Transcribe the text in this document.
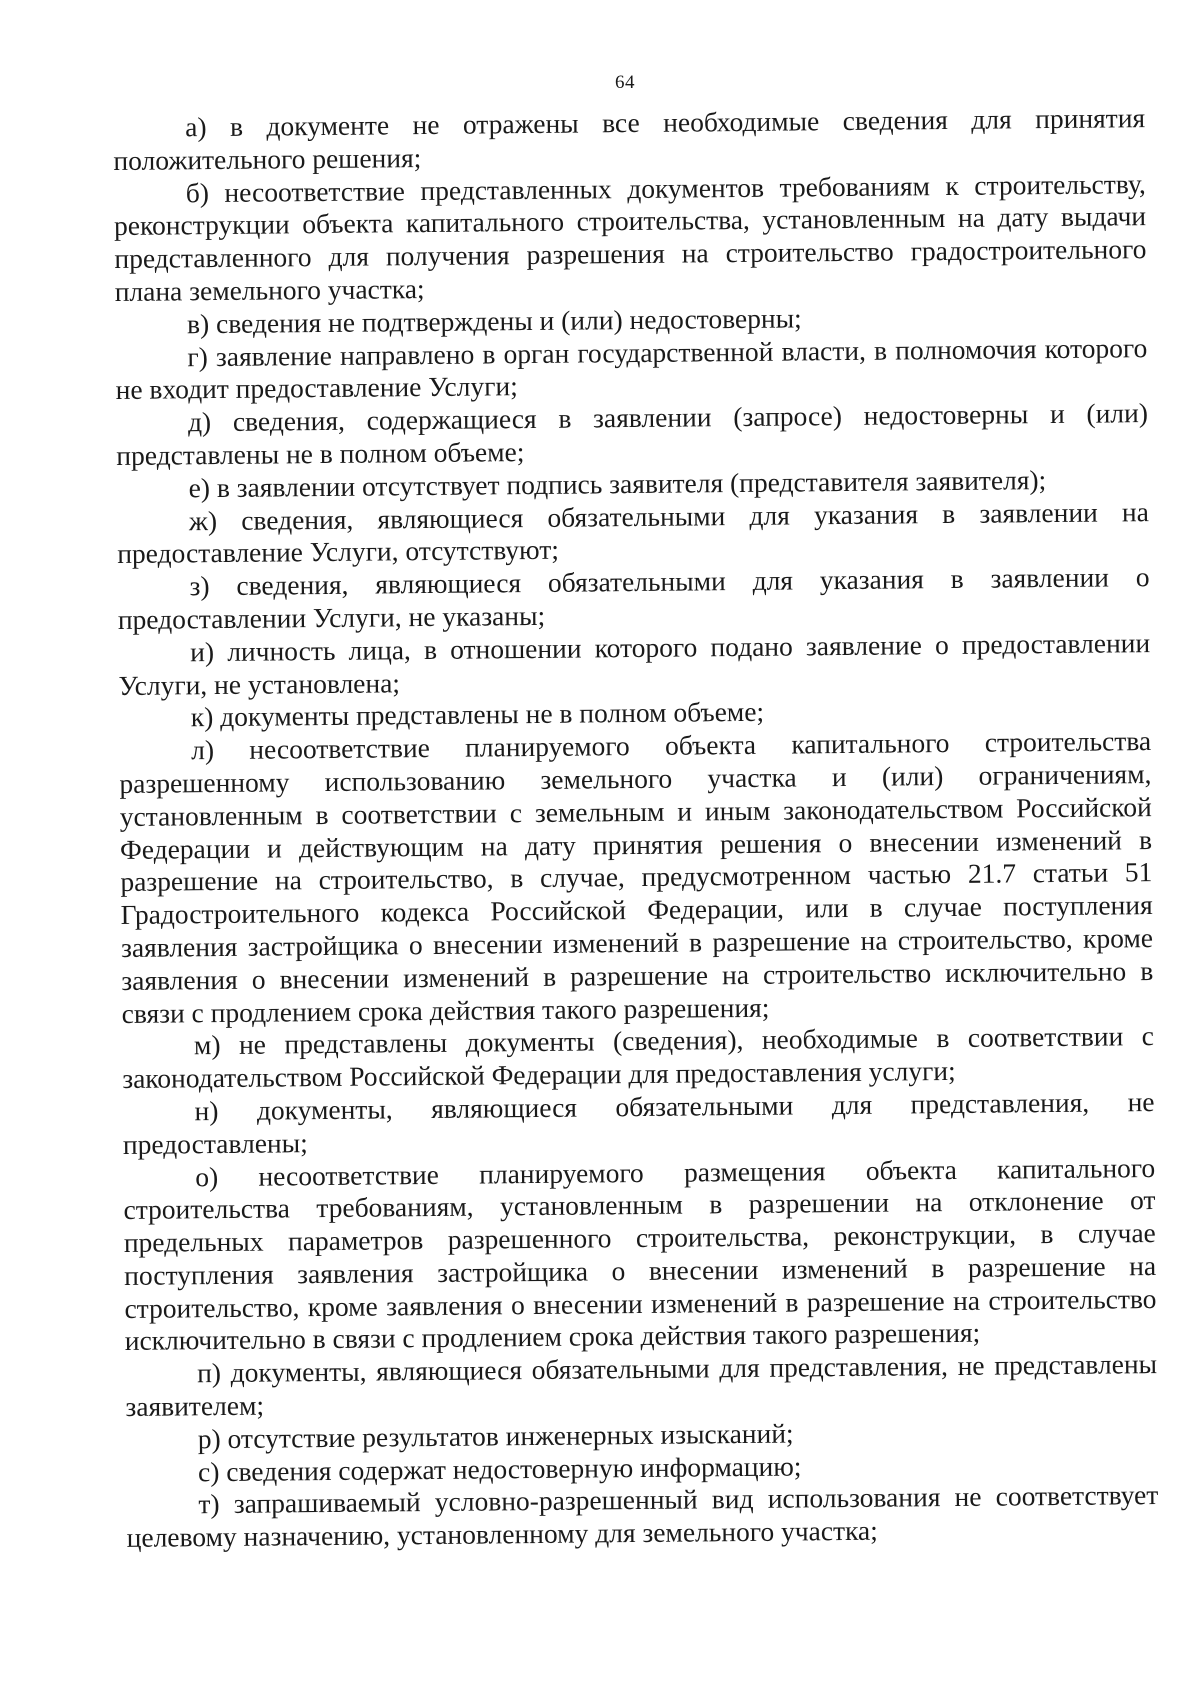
64

а) в документе не отражены все необходимые сведения для принятия положительного решения;

б) несоответствие представленных документов требованиям к строительству, реконструкции объекта капитального строительства, установленным на дату выдачи представленного для получения разрешения на строительство градостроительного плана земельного участка;

в) сведения не подтверждены и (или) недостоверны;

г) заявление направлено в орган государственной власти, в полномочия которого не входит предоставление Услуги;

д) сведения, содержащиеся в заявлении (запросе) недостоверны и (или) представлены не в полном объеме;

е) в заявлении отсутствует подпись заявителя (представителя заявителя);

ж) сведения, являющиеся обязательными для указания в заявлении на предоставление Услуги, отсутствуют;

з) сведения, являющиеся обязательными для указания в заявлении о предоставлении Услуги, не указаны;

и) личность лица, в отношении которого подано заявление о предоставлении Услуги, не установлена;

к) документы представлены не в полном объеме;

л) несоответствие планируемого объекта капитального строительства разрешенному использованию земельного участка и (или) ограничениям, установленным в соответствии с земельным и иным законодательством Российской Федерации и действующим на дату принятия решения о внесении изменений в разрешение на строительство, в случае, предусмотренном частью 21.7 статьи 51 Градостроительного кодекса Российской Федерации, или в случае поступления заявления застройщика о внесении изменений в разрешение на строительство, кроме заявления о внесении изменений в разрешение на строительство исключительно в связи с продлением срока действия такого разрешения;

м) не представлены документы (сведения), необходимые в соответствии с законодательством Российской Федерации для предоставления услуги;

н) документы, являющиеся обязательными для представления, не предоставлены;

о) несоответствие планируемого размещения объекта капитального строительства требованиям, установленным в разрешении на отклонение от предельных параметров разрешенного строительства, реконструкции, в случае поступления заявления застройщика о внесении изменений в разрешение на строительство, кроме заявления о внесении изменений в разрешение на строительство исключительно в связи с продлением срока действия такого разрешения;

п) документы, являющиеся обязательными для представления, не представлены заявителем;

р) отсутствие результатов инженерных изысканий;

с) сведения содержат недостоверную информацию;

т) запрашиваемый условно-разрешенный вид использования не соответствует целевому назначению, установленному для земельного участка;
